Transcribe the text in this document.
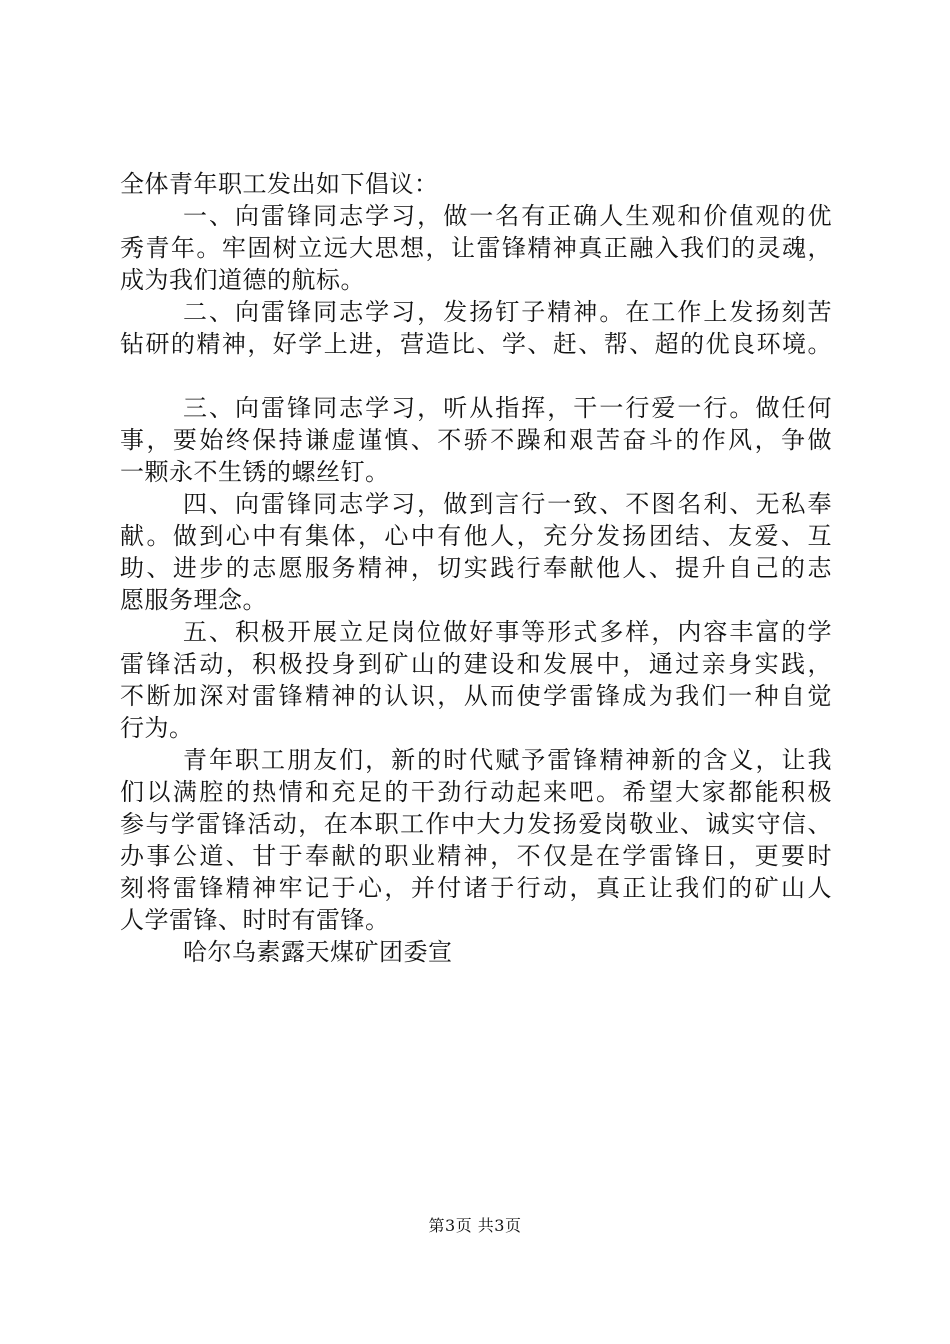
全体青年职工发出如下倡议：
一、向雷锋同志学习，做一名有正确人生观和价值观的优
秀青年。牢固树立远大思想，让雷锋精神真正融入我们的灵魂，
成为我们道德的航标。
二、向雷锋同志学习，发扬钉子精神。在工作上发扬刻苦
钻研的精神，好学上进，营造比、学、赶、帮、超的优良环境。
三、向雷锋同志学习，听从指挥，干一行爱一行。做任何
事，要始终保持谦虚谨慎、不骄不躁和艰苦奋斗的作风，争做
一颗永不生锈的螺丝钉。
四、向雷锋同志学习，做到言行一致、不图名利、无私奉
献。做到心中有集体，心中有他人，充分发扬团结、友爱、互
助、进步的志愿服务精神，切实践行奉献他人、提升自己的志
愿服务理念。
五、积极开展立足岗位做好事等形式多样，内容丰富的学
雷锋活动，积极投身到矿山的建设和发展中，通过亲身实践，
不断加深对雷锋精神的认识，从而使学雷锋成为我们一种自觉
行为。
青年职工朋友们，新的时代赋予雷锋精神新的含义，让我
们以满腔的热情和充足的干劲行动起来吧。希望大家都能积极
参与学雷锋活动，在本职工作中大力发扬爱岗敬业、诚实守信、
办事公道、甘于奉献的职业精神，不仅是在学雷锋日，更要时
刻将雷锋精神牢记于心，并付诸于行动，真正让我们的矿山人
人学雷锋、时时有雷锋。
哈尔乌素露天煤矿团委宣
第3页 共3页
